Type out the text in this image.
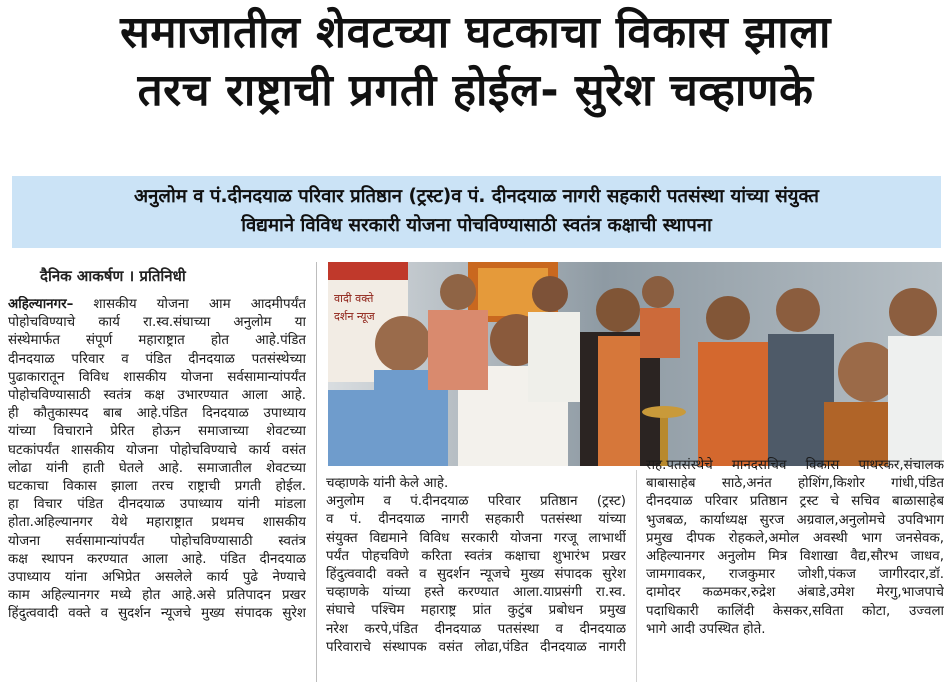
समाजातील शेवटच्या घटकाचा विकास झाला
तरच राष्ट्राची प्रगती होईल- सुरेश चव्हाणके
अनुलोम व पं.दीनदयाळ परिवार प्रतिष्ठान (ट्रस्ट)व पं. दीनदयाळ नागरी सहकारी पतसंस्था यांच्या संयुक्त
विद्यमाने विविध सरकारी योजना पोचविण्यासाठी स्वतंत्र कक्षाची स्थापना
दैनिक आकर्षण । प्रतिनिधी
वादी वक्ते
दर्शन न्यूज
अहिल्यानगर– शासकीय योजना आम आदमीपर्यंत
पोहोचविण्याचे कार्य रा.स्व.संघाच्या अनुलोम या
संस्थेमार्फत संपूर्ण महाराष्ट्रात होत आहे.पंडित
दीनदयाळ परिवार व पंडित दीनदयाळ पतसंस्थेच्या
पुढाकारातून विविध शासकीय योजना सर्वसामान्यांपर्यंत
पोहोचविण्यासाठी स्वतंत्र कक्ष उभारण्यात आला आहे.
ही कौतुकास्पद बाब आहे.पंडित दिनदयाळ उपाध्याय
यांच्या विचाराने प्रेरित होऊन समाजाच्या शेवटच्या
घटकांपर्यंत शासकीय योजना पोहोचविण्याचे कार्य वसंत
लोढा यांनी हाती घेतले आहे. समाजातील शेवटच्या
घटकाचा विकास झाला तरच राष्ट्राची प्रगती होईल.
हा विचार पंडित दीनदयाळ उपाध्याय यांनी मांडला
होता.अहिल्यानगर येथे महाराष्ट्रात प्रथमच शासकीय
योजना सर्वसामान्यांपर्यंत पोहोचविण्यासाठी स्वतंत्र
कक्ष स्थापन करण्यात आला आहे. पंडित दीनदयाळ
उपाध्याय यांना अभिप्रेत असलेले कार्य पुढे नेण्याचे
काम अहिल्यानगर मध्ये होत आहे.असे प्रतिपादन प्रखर
हिंदुत्ववादी वक्ते व सुदर्शन न्यूजचे मुख्य संपादक सुरेश
चव्हाणके यांनी केले आहे.
अनुलोम व पं.दीनदयाळ परिवार प्रतिष्ठान (ट्रस्ट)
व पं. दीनदयाळ नागरी सहकारी पतसंस्था यांच्या
संयुक्त विद्यमाने विविध सरकारी योजना गरजू लाभार्थी
पर्यंत पोहचविणे करिता स्वतंत्र कक्षाचा शुभारंभ प्रखर
हिंदुत्ववादी वक्ते व सुदर्शन न्यूजचे मुख्य संपादक सुरेश
चव्हाणके यांच्या हस्ते करण्यात आला.याप्रसंगी रा.स्व.
संघाचे पश्चिम महाराष्ट्र प्रांत कुटुंब प्रबोधन प्रमुख
नरेश करपे,पंडित दीनदयाळ पतसंस्था व दीनदयाळ
परिवाराचे संस्थापक वसंत लोढा,पंडित दीनदयाळ नागरी
सह.पतसंस्थेचे मानदसचिव विकास पाथरकर,संचालक
बाबासाहेब साठे,अनंत होशिंग,किशोर गांधी,पंडित
दीनदयाळ परिवार प्रतिष्ठान ट्रस्ट चे सचिव बाळासाहेब
भुजबळ, कार्याध्यक्ष सुरज अग्रवाल,अनुलोमचे उपविभाग
प्रमुख दीपक रोहकले,अमोल अवस्थी भाग जनसेवक,
अहिल्यानगर अनुलोम मित्र विशाखा वैद्य,सौरभ जाधव,
जामगावकर, राजकुमार जोशी,पंकज जागीरदार,डॉ.
दामोदर कळमकर,रुद्रेश अंबाडे,उमेश मेरगु,भाजपाचे
पदाधिकारी कालिंदी केसकर,सविता कोटा, उज्वला
भागे आदी उपस्थित होते.
